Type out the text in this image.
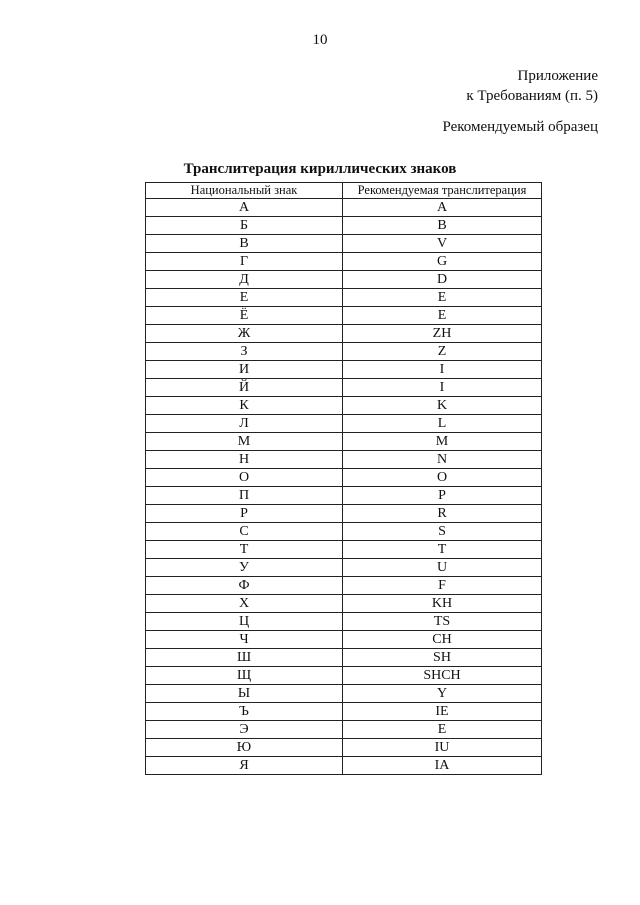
10
Приложение
к Требованиям (п. 5)
Рекомендуемый образец
Транслитерация кириллических знаков
Национальный знак	Рекомендуемая транслитерация
А	A
Б	B
В	V
Г	G
Д	D
Е	E
Ё	E
Ж	ZH
З	Z
И	I
Й	I
К	K
Л	L
М	M
Н	N
О	O
П	P
Р	R
С	S
Т	T
У	U
Ф	F
Х	KH
Ц	TS
Ч	CH
Ш	SH
Щ	SHCH
Ы	Y
Ъ	IE
Э	E
Ю	IU
Я	IA
